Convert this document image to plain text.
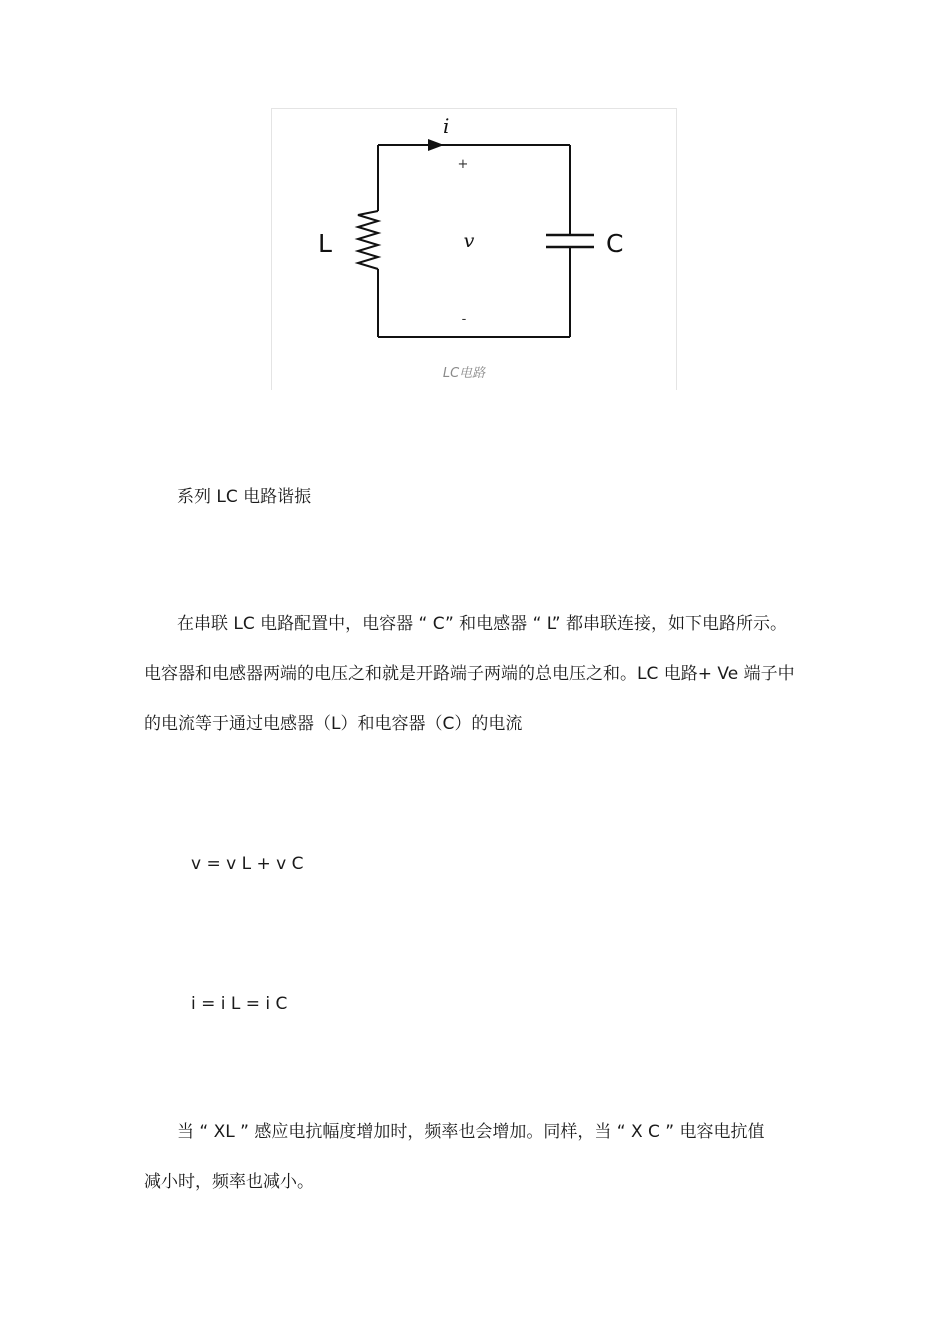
i
+
v
-
L	C
LC电路
系列 LC 电路谐振
在串联 LC 电路配置中，电容器 “ C” 和电感器 “ L” 都串联连接，如下电路所示。
电容器和电感器两端的电压之和就是开路端子两端的总电压之和。LC 电路+ Ve 端子中
的电流等于通过电感器（L）和电容器（C）的电流
v = v L + v C
i = i L = i C
当 “ XL ” 感应电抗幅度增加时，频率也会增加。同样，当 “ X C ” 电容电抗值
减小时，频率也减小。
